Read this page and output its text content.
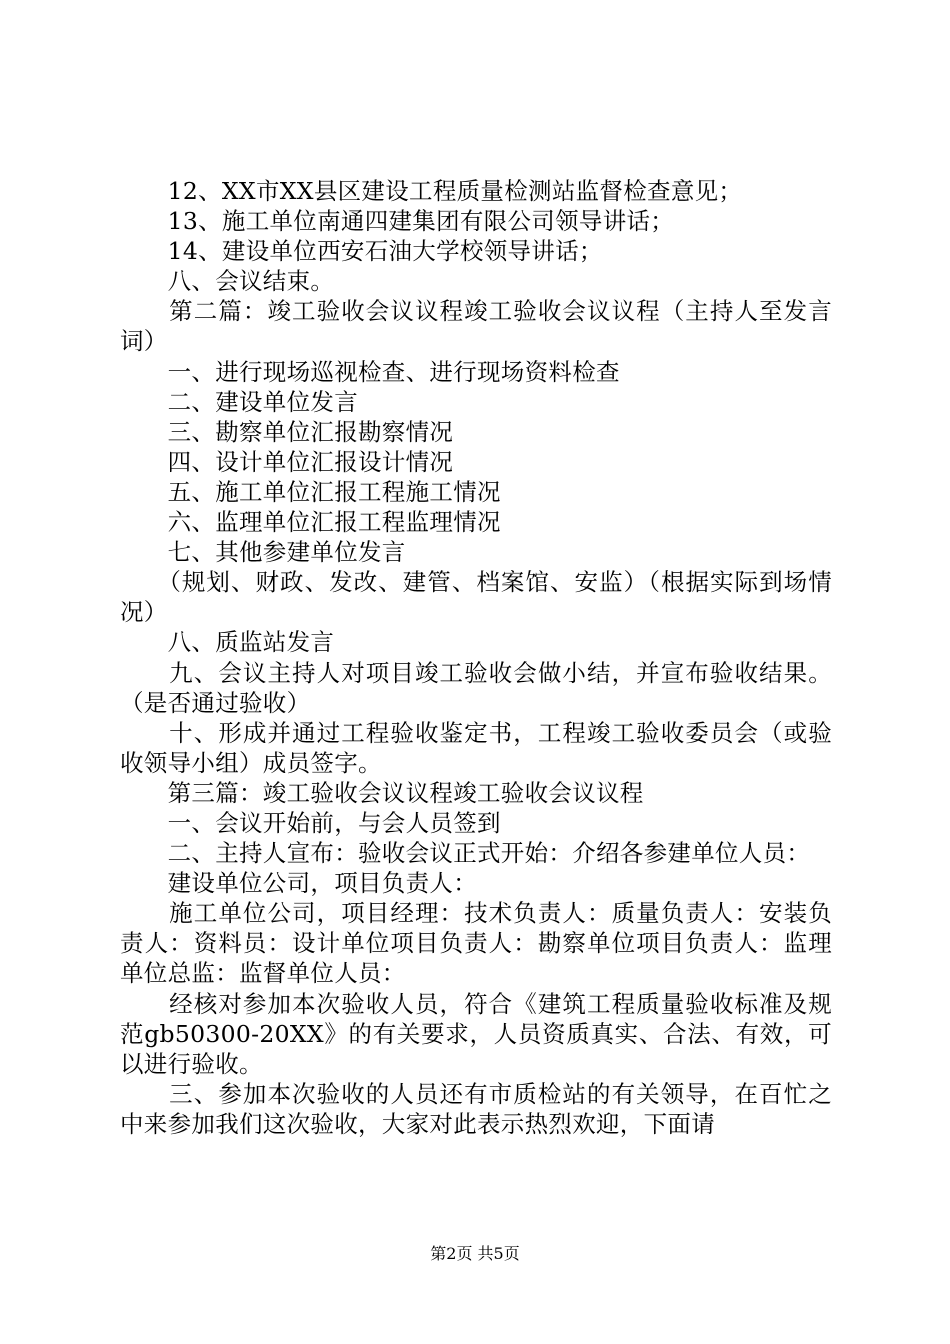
　　12、XX市XX县区建设工程质量检测站监督检查意见；

　　13、施工单位南通四建集团有限公司领导讲话；

　　14、建设单位西安石油大学校领导讲话；

　　八、会议结束。

　　第二篇：竣工验收会议议程竣工验收会议议程（主持人至发言词）

　　一、进行现场巡视检查、进行现场资料检查

　　二、建设单位发言

　　三、勘察单位汇报勘察情况

　　四、设计单位汇报设计情况

　　五、施工单位汇报工程施工情况

　　六、监理单位汇报工程监理情况

　　七、其他参建单位发言

　　（规划、财政、发改、建管、档案馆、安监）（根据实际到场情况）

　　八、质监站发言

　　九、会议主持人对项目竣工验收会做小结，并宣布验收结果。（是否通过验收）

　　十、形成并通过工程验收鉴定书，工程竣工验收委员会（或验收领导小组）成员签字。

　　第三篇：竣工验收会议议程竣工验收会议议程

　　一、会议开始前，与会人员签到

　　二、主持人宣布：验收会议正式开始：介绍各参建单位人员：

　　建设单位公司，项目负责人：

　　施工单位公司，项目经理：技术负责人：质量负责人：安装负责人：资料员：设计单位项目负责人：勘察单位项目负责人：监理单位总监：监督单位人员：

　　经核对参加本次验收人员，符合《建筑工程质量验收标准及规范gb50300-20XX》的有关要求，人员资质真实、合法、有效，可以进行验收。

　　三、参加本次验收的人员还有市质检站的有关领导，在百忙之中来参加我们这次验收，大家对此表示热烈欢迎，下面请

第2页 共5页
